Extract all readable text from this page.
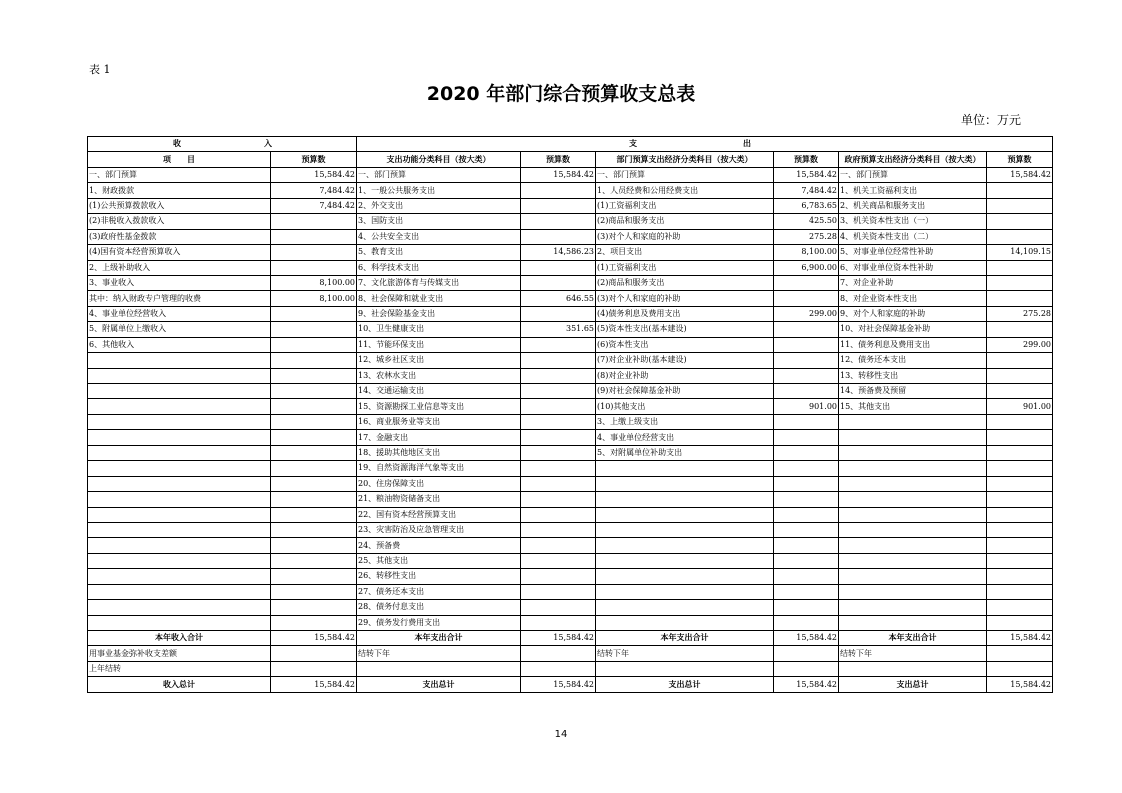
表 1
2020 年部门综合预算收支总表
单位：万元
收 入		支 出					

项　　目	预算数	支出功能分类科目（按大类）	预算数	部门预算支出经济分类科目（按大类）	预算数	政府预算支出经济分类科目（按大类）	预算数
一、部门预算	15,584.42	一、部门预算	15,584.42	一、部门预算	15,584.42	一、部门预算	15,584.42
1、财政拨款	7,484.42	1、一般公共服务支出		1、人员经费和公用经费支出	7,484.42	1、机关工资福利支出	
(1)公共预算拨款收入	7,484.42	2、外交支出		(1)工资福利支出	6,783.65	2、机关商品和服务支出	
(2)非税收入拨款收入		3、国防支出		(2)商品和服务支出	425.50	3、机关资本性支出（一）	
(3)政府性基金拨款		4、公共安全支出		(3)对个人和家庭的补助	275.28	4、机关资本性支出（二）	
(4)国有资本经营预算收入		5、教育支出	14,586.23	2、项目支出	8,100.00	5、对事业单位经常性补助	14,109.15
2、上级补助收入		6、科学技术支出		(1)工资福利支出	6,900.00	6、对事业单位资本性补助	
3、事业收入	8,100.00	7、文化旅游体育与传媒支出		(2)商品和服务支出		7、对企业补助	
其中：纳入财政专户管理的收费	8,100.00	8、社会保障和就业支出	646.55	(3)对个人和家庭的补助		8、对企业资本性支出	
4、事业单位经营收入		9、社会保险基金支出		(4)债务利息及费用支出	299.00	9、对个人和家庭的补助	275.28
5、附属单位上缴收入		10、卫生健康支出	351.65	(5)资本性支出(基本建设)		10、对社会保障基金补助	
6、其他收入		11、节能环保支出		(6)资本性支出		11、债务利息及费用支出	299.00
		12、城乡社区支出		(7)对企业补助(基本建设)		12、债务还本支出	
		13、农林水支出		(8)对企业补助		13、转移性支出	
		14、交通运输支出		(9)对社会保障基金补助		14、预备费及预留	
		15、资源勘探工业信息等支出		(10)其他支出	901.00	15、其他支出	901.00
		16、商业服务业等支出		3、上缴上级支出			
		17、金融支出		4、事业单位经营支出			
		18、援助其他地区支出		5、对附属单位补助支出			
		19、自然资源海洋气象等支出					
		20、住房保障支出					
		21、粮油物资储备支出					
		22、国有资本经营预算支出					
		23、灾害防治及应急管理支出					
		24、预备费					
		25、其他支出					
		26、转移性支出					
		27、债务还本支出					
		28、债务付息支出					
		29、债务发行费用支出					
本年收入合计	15,584.42	本年支出合计	15,584.42	本年支出合计	15,584.42	本年支出合计	15,584.42
用事业基金弥补收支差额		结转下年		结转下年		结转下年	
上年结转							
收入总计	15,584.42	支出总计	15,584.42	支出总计	15,584.42	支出总计	15,584.42
14
